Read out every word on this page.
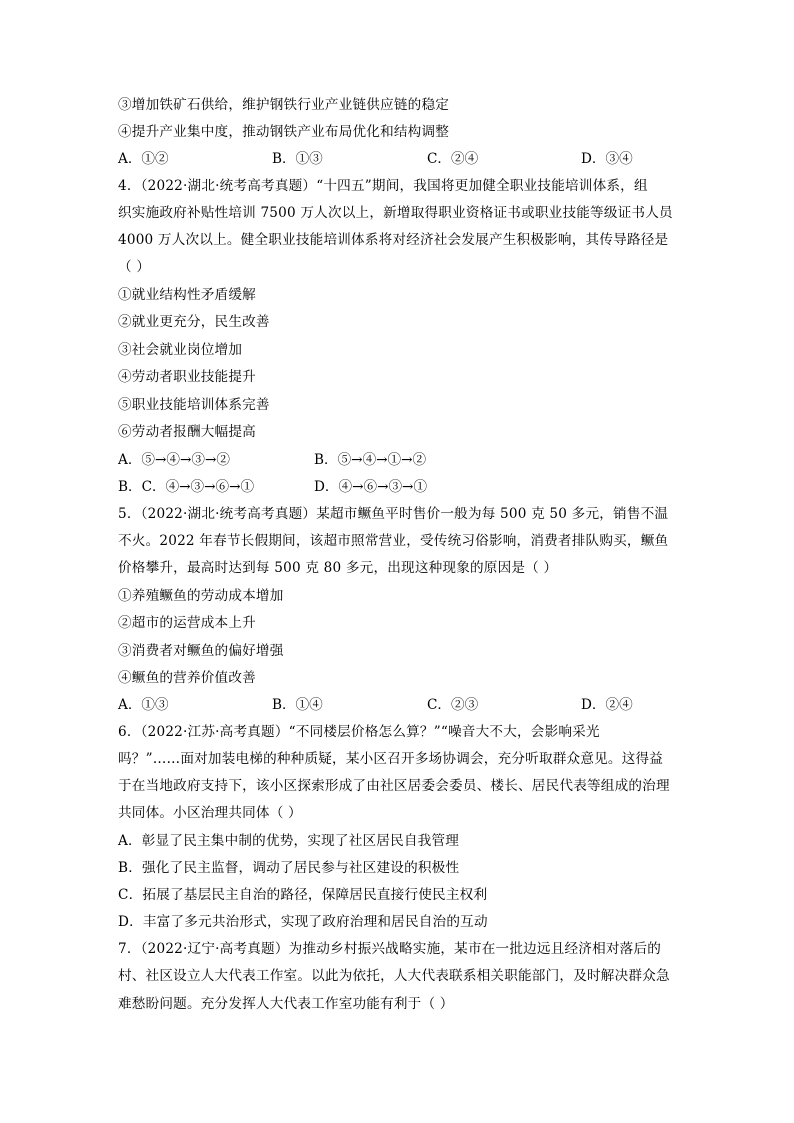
③增加铁矿石供给，维护钢铁行业产业链供应链的稳定
④提升产业集中度，推动钢铁产业布局优化和结构调整
A．①②	B．①③	C．②④	D．③④
4．（2022·湖北·统考高考真题）“十四五”期间，我国将更加健全职业技能培训体系，组
织实施政府补贴性培训 7500 万人次以上，新增取得职业资格证书或职业技能等级证书人员
4000 万人次以上。健全职业技能培训体系将对经济社会发展产生积极影响，其传导路径是
（ ）
①就业结构性矛盾缓解
②就业更充分，民生改善
③社会就业岗位增加
④劳动者职业技能提升
⑤职业技能培训体系完善
⑥劳动者报酬大幅提高
A．⑤→④→③→②	B．⑤→④→①→②
B．C．④→③→⑥→①	D．④→⑥→③→①
5．（2022·湖北·统考高考真题）某超市鳜鱼平时售价一般为每 500 克 50 多元，销售不温
不火。2022 年春节长假期间，该超市照常营业，受传统习俗影响，消费者排队购买，鳜鱼
价格攀升，最高时达到每 500 克 80 多元，出现这种现象的原因是（ ）
①养殖鳜鱼的劳动成本增加
②超市的运营成本上升
③消费者对鳜鱼的偏好增强
④鳜鱼的营养价值改善
A．①③	B．①④	C．②③	D．②④
6．（2022·江苏·高考真题）“不同楼层价格怎么算？”“噪音大不大，会影响采光
吗？”……面对加装电梯的种种质疑，某小区召开多场协调会，充分听取群众意见。这得益
于在当地政府支持下，该小区探索形成了由社区居委会委员、楼长、居民代表等组成的治理
共同体。小区治理共同体（ ）
A．彰显了民主集中制的优势，实现了社区居民自我管理
B．强化了民主监督，调动了居民参与社区建设的积极性
C．拓展了基层民主自治的路径，保障居民直接行使民主权利
D．丰富了多元共治形式，实现了政府治理和居民自治的互动
7．（2022·辽宁·高考真题）为推动乡村振兴战略实施，某市在一批边远且经济相对落后的
村、社区设立人大代表工作室。以此为依托，人大代表联系相关职能部门，及时解决群众急
难愁盼问题。充分发挥人大代表工作室功能有利于（ ）
